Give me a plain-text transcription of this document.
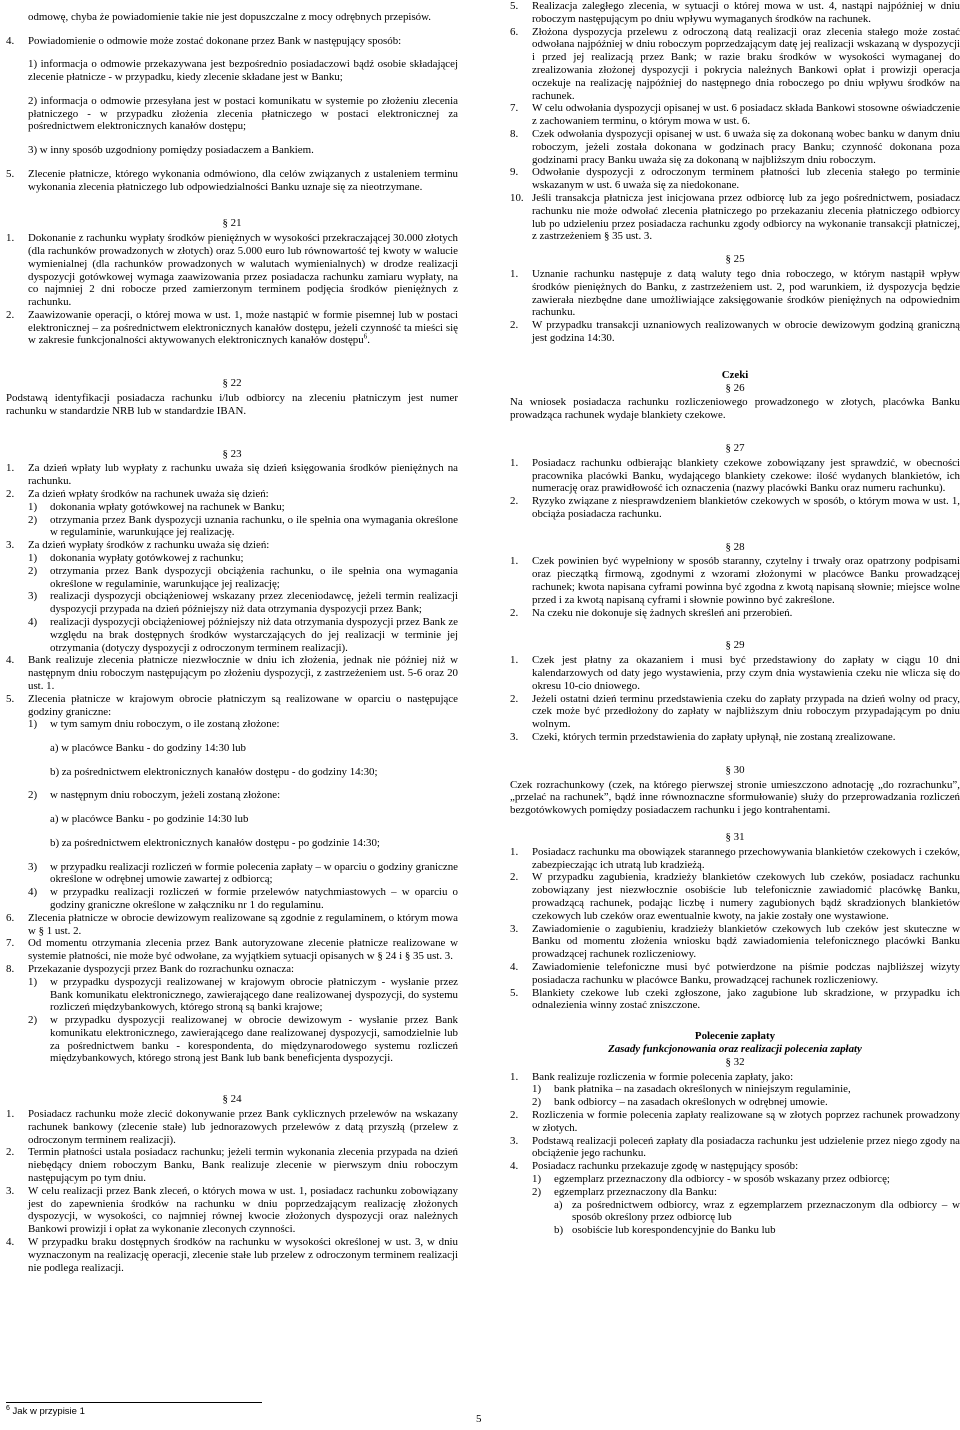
odmowę, chyba że powiadomienie takie nie jest dopuszczalne z mocy odrębnych przepisów.

4.	Powiadomienie o odmowie może zostać dokonane przez Bank w następujący sposób:

1) informacja o odmowie przekazywana jest bezpośrednio posiadaczowi bądź osobie składającej zlecenie płatnicze - w przypadku, kiedy zlecenie składane jest w Banku;

2) informacja o odmowie przesyłana jest w postaci komunikatu w systemie po złożeniu zlecenia płatniczego - w przypadku złożenia zlecenia płatniczego w postaci elektronicznej za pośrednictwem elektronicznych kanałów dostępu;

3) w inny sposób uzgodniony pomiędzy posiadaczem a Bankiem.

5.	Zlecenie płatnicze, którego wykonania odmówiono, dla celów związanych z ustaleniem terminu wykonania zlecenia płatniczego lub odpowiedzialności Banku uznaje się za nieotrzymane.
§ 21
1.	Dokonanie z rachunku wypłaty środków pieniężnych w wysokości przekraczającej 30.000 złotych (dla rachunków prowadzonych w złotych) oraz 5.000 euro lub równowartość tej kwoty w walucie wymienialnej (dla rachunków prowadzonych w walutach wymienialnych) w drodze realizacji dyspozycji gotówkowej wymaga zaawizowania przez posiadacza rachunku zamiaru wypłaty, na co najmniej 2 dni robocze przed zamierzonym terminem podjęcia środków pieniężnych z rachunku.
2.	Zaawizowanie operacji, o której mowa w ust. 1, może nastąpić w formie pisemnej lub w postaci elektronicznej – za pośrednictwem elektronicznych kanałów dostępu, jeżeli czynność ta mieści się w zakresie funkcjonalności aktywowanych elektronicznych kanałów dostępu$^6$.
§ 22

Podstawą identyfikacji posiadacza rachunku i/lub odbiorcy na zleceniu płatniczym jest numer rachunku w standardzie NRB lub w standardzie IBAN.

§ 23
1.	Za dzień wpłaty lub wypłaty z rachunku uważa się dzień księgowania środków pieniężnych na rachunku.
2.	Za dzień wpłaty środków na rachunek uważa się dzień:
1)	dokonania wpłaty gotówkowej na rachunek w Banku;
2)	otrzymania przez Bank dyspozycji uznania rachunku, o ile spełnia ona wymagania określone w regulaminie, warunkujące jej realizację.
3.	Za dzień wypłaty środków z rachunku uważa się dzień:
1)	dokonania wypłaty gotówkowej z rachunku;
2)	otrzymania przez Bank dyspozycji obciążenia rachunku, o ile spełnia ona wymagania określone w regulaminie, warunkujące jej realizację;
3)	realizacji dyspozycji obciążeniowej wskazany przez zleceniodawcę, jeżeli termin realizacji dyspozycji przypada na dzień późniejszy niż data otrzymania dyspozycji przez Bank;
4)	realizacji dyspozycji obciążeniowej późniejszy niż data otrzymania dyspozycji przez Bank ze względu na brak dostępnych środków wystarczających do jej realizacji w terminie jej otrzymania (dotyczy dyspozycji z odroczonym terminem realizacji).
4.	Bank realizuje zlecenia płatnicze niezwłocznie w dniu ich złożenia, jednak nie później niż w następnym dniu roboczym następującym po złożeniu dyspozycji, z zastrzeżeniem ust. 5-6 oraz 20 ust. 1.
5.	Zlecenia płatnicze w krajowym obrocie płatniczym są realizowane w oparciu o następujące godziny graniczne:
1)	w tym samym dniu roboczym, o ile zostaną złożone:

a) w placówce Banku - do godziny 14:30 lub

b) za pośrednictwem elektronicznych kanałów dostępu - do godziny 14:30;

2)	w następnym dniu roboczym, jeżeli zostaną złożone:

a) w placówce Banku - po godzinie 14:30 lub

b) za pośrednictwem elektronicznych kanałów dostępu - po godzinie 14:30;

3)	w przypadku realizacji rozliczeń w formie polecenia zapłaty – w oparciu o godziny graniczne określone w odrębnej umowie zawartej z odbiorcą;
4)	w przypadku realizacji rozliczeń w formie przelewów natychmiastowych – w oparciu o godziny graniczne określone w załączniku nr 1 do regulaminu.
6.	Zlecenia płatnicze w obrocie dewizowym realizowane są zgodnie z regulaminem, o którym mowa w § 1 ust. 2.
7.	Od momentu otrzymania zlecenia przez Bank autoryzowane zlecenie płatnicze realizowane w systemie płatności, nie może być odwołane, za wyjątkiem sytuacji opisanych w § 24 i § 35 ust. 3.
8.	Przekazanie dyspozycji przez Bank do rozrachunku oznacza:
1)	w przypadku dyspozycji realizowanej w krajowym obrocie płatniczym - wysłanie przez Bank komunikatu elektronicznego, zawierającego dane realizowanej dyspozycji, do systemu rozliczeń międzybankowych, którego stroną są banki krajowe;
2)	w przypadku dyspozycji realizowanej w obrocie dewizowym - wysłanie przez Bank komunikatu elektronicznego, zawierającego dane realizowanej dyspozycji, samodzielnie lub za pośrednictwem banku - korespondenta, do międzynarodowego systemu rozliczeń międzybankowych, którego stroną jest Bank lub bank beneficjenta dyspozycji.
§ 24
1.	Posiadacz rachunku może zlecić dokonywanie przez Bank cyklicznych przelewów na wskazany rachunek bankowy (zlecenie stałe) lub jednorazowych przelewów z datą przyszłą (przelew z odroczonym terminem realizacji).
2.	Termin płatności ustala posiadacz rachunku; jeżeli termin wykonania zlecenia przypada na dzień niebędący dniem roboczym Banku, Bank realizuje zlecenie w pierwszym dniu roboczym następującym po tym dniu.
3.	W celu realizacji przez Bank zleceń, o których mowa w ust. 1, posiadacz rachunku zobowiązany jest do zapewnienia środków na rachunku w dniu poprzedzającym realizację złożonych dyspozycji, w wysokości, co najmniej równej kwocie złożonych dyspozycji oraz należnych Bankowi prowizji i opłat za wykonanie zleconych czynności.
4.	W przypadku braku dostępnych środków na rachunku w wysokości określonej w ust. 3, w dniu wyznaczonym na realizację operacji, zlecenie stałe lub przelew z odroczonym terminem realizacji nie podlega realizacji.
5.	Realizacja zaległego zlecenia, w sytuacji o której mowa w ust. 4, nastąpi najpóźniej w dniu roboczym następującym po dniu wpływu wymaganych środków na rachunek.
6.	Złożona dyspozycja przelewu z odroczoną datą realizacji oraz zlecenia stałego może zostać odwołana najpóźniej w dniu roboczym poprzedzającym datę jej realizacji wskazaną w dyspozycji i przed jej realizacją przez Bank; w razie braku środków w wysokości wymaganej do zrealizowania złożonej dyspozycji i pokrycia należnych Bankowi opłat i prowizji operacja oczekuje na realizację najpóźniej do następnego dnia roboczego po dniu wpływu środków na rachunek.
7.	W celu odwołania dyspozycji opisanej w ust. 6 posiadacz składa Bankowi stosowne oświadczenie z zachowaniem terminu, o którym mowa w ust. 6.
8.	Czek odwołania dyspozycji opisanej w ust. 6 uważa się za dokonaną wobec banku w danym dniu roboczym, jeżeli została dokonana w godzinach pracy Banku; czynność dokonana poza godzinami pracy Banku uważa się za dokonaną w najbliższym dniu roboczym.
9.	Odwołanie dyspozycji z odroczonym terminem płatności lub zlecenia stałego po terminie wskazanym w ust. 6 uważa się za niedokonane.
10. Jeśli transakcja płatnicza jest inicjowana przez odbiorcę lub za jego pośrednictwem, posiadacz rachunku nie może odwołać zlecenia płatniczego po przekazaniu zlecenia płatniczego odbiorcy lub po udzieleniu przez posiadacza rachunku zgody odbiorcy na wykonanie transakcji płatniczej, z zastrzeżeniem § 35 ust. 3.
§ 25
1.	Uznanie rachunku następuje z datą waluty tego dnia roboczego, w którym nastąpił wpływ środków pieniężnych do Banku, z zastrzeżeniem ust. 2, pod warunkiem, iż dyspozycja będzie zawierała niezbędne dane umożliwiające zaksięgowanie środków pieniężnych na odpowiednim rachunku.
2.	W przypadku transakcji uznaniowych realizowanych w obrocie dewizowym godziną graniczną jest godzina 14:30.
Czeki
§ 26

Na wniosek posiadacza rachunku rozliczeniowego prowadzonego w złotych, placówka Banku prowadząca rachunek wydaje blankiety czekowe.

§ 27
1.	Posiadacz rachunku odbierając blankiety czekowe zobowiązany jest sprawdzić, w obecności pracownika placówki Banku, wydającego blankiety czekowe: ilość wydanych blankietów, ich numerację oraz prawidłowość ich oznaczenia (nazwy placówki Banku oraz numeru rachunku).
2.	Ryzyko związane z niesprawdzeniem blankietów czekowych w sposób, o którym mowa w ust. 1, obciąża posiadacza rachunku.
§ 28
1.	Czek powinien być wypełniony w sposób staranny, czytelny i trwały oraz opatrzony podpisami oraz pieczątką firmową, zgodnymi z wzorami złożonymi w placówce Banku prowadzącej rachunek; kwota napisana cyframi powinna być zgodna z kwotą napisaną słownie; miejsce wolne przed i za kwotą napisaną cyframi i słownie powinno być zakreślone.
2.	Na czeku nie dokonuje się żadnych skreśleń ani przerobień.
§ 29
1.	Czek jest płatny za okazaniem i musi być przedstawiony do zapłaty w ciągu 10 dni kalendarzowych od daty jego wystawienia, przy czym dnia wystawienia czeku nie wlicza się do okresu 10-cio dniowego.
2.	Jeżeli ostatni dzień terminu przedstawienia czeku do zapłaty przypada na dzień wolny od pracy, czek może być przedłożony do zapłaty w najbliższym dniu roboczym przypadającym po dniu wolnym.
3.	Czeki, których termin przedstawienia do zapłaty upłynął, nie zostaną zrealizowane.
§ 30

Czek rozrachunkowy (czek, na którego pierwszej stronie umieszczono adnotację „do rozrachunku”, „przelać na rachunek”, bądź inne równoznaczne sformułowanie) służy do przeprowadzania rozliczeń bezgotówkowych pomiędzy posiadaczem rachunku i jego kontrahentami.

§ 31
1.	Posiadacz rachunku ma obowiązek starannego przechowywania blankietów czekowych i czeków, zabezpieczając ich utratą lub kradzieżą.
2.	W przypadku zagubienia, kradzieży blankietów czekowych lub czeków, posiadacz rachunku zobowiązany jest niezwłocznie osobiście lub telefonicznie zawiadomić placówkę Banku, prowadzącą rachunek, podając liczbę i numery zagubionych bądź skradzionych blankietów czekowych lub czeków oraz ewentualnie kwoty, na jakie zostały one wystawione.
3.	Zawiadomienie o zagubieniu, kradzieży blankietów czekowych lub czeków jest skuteczne w Banku od momentu złożenia wniosku bądź zawiadomienia telefonicznego placówki Banku prowadzącej rachunek rozliczeniowy.
4.	Zawiadomienie telefoniczne musi być potwierdzone na piśmie podczas najbliższej wizyty posiadacza rachunku w placówce Banku, prowadzącej rachunek rozliczeniowy.
5.	Blankiety czekowe lub czeki zgłoszone, jako zagubione lub skradzione, w przypadku ich odnalezienia winny zostać zniszczone.
Polecenie zapłaty
Zasady funkcjonowania oraz realizacji polecenia zapłaty
§ 32
1.	Bank realizuje rozliczenia w formie polecenia zapłaty, jako:
1)	bank płatnika – na zasadach określonych w niniejszym regulaminie,
2)	bank odbiorcy – na zasadach określonych w odrębnej umowie.
2.	Rozliczenia w formie polecenia zapłaty realizowane są w złotych poprzez rachunek prowadzony w złotych.
3.	Podstawą realizacji poleceń zapłaty dla posiadacza rachunku jest udzielenie przez niego zgody na obciążenie jego rachunku.
4.	Posiadacz rachunku przekazuje zgodę w następujący sposób:
1)	egzemplarz przeznaczony dla odbiorcy - w sposób wskazany przez odbiorcę;
2)	egzemplarz przeznaczony dla Banku:
a) za pośrednictwem odbiorcy, wraz z egzemplarzem przeznaczonym dla odbiorcy – w sposób określony przez odbiorcę lub
b) osobiście lub korespondencyjnie do Banku lub
$^6$ Jak w przypisie 1
5
